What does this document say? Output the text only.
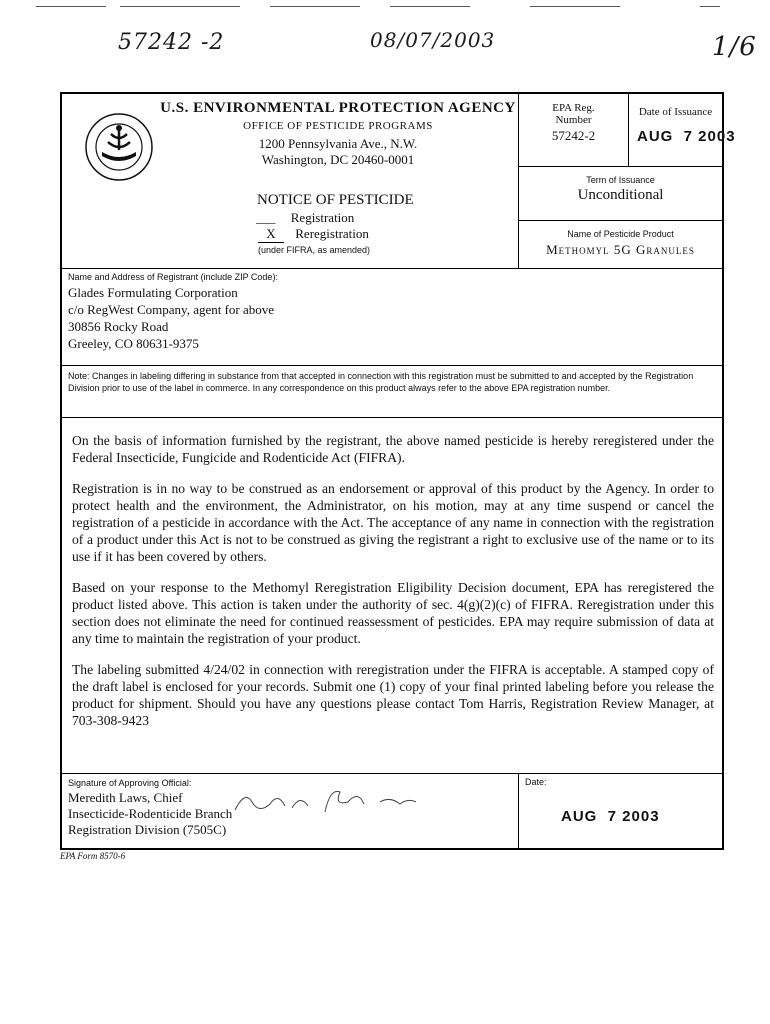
57242 -2	08/07/2003	1/6
U.S. ENVIRONMENTAL PROTECTION AGENCY
OFFICE OF PESTICIDE PROGRAMS
1200 Pennsylvania Ave., N.W.
Washington, DC 20460-0001
NOTICE OF PESTICIDE
___ Registration
X Reregistration
(under FIFRA, as amended)
EPA Reg.
Number
57242-2
Date of Issuance
AUG  7 2003
Term of Issuance
Unconditional
Name of Pesticide Product
Methomyl 5G Granules
Name and Address of Registrant (include ZIP Code):
Glades Formulating Corporation
c/o RegWest Company, agent for above
30856 Rocky Road
Greeley, CO 80631-9375
Note: Changes in labeling differing in substance from that accepted in connection with this registration must be submitted to and accepted by the Registration Division prior to use of the label in commerce. In any correspondence on this product always refer to the above EPA registration number.

On the basis of information furnished by the registrant, the above named pesticide is hereby reregistered under the Federal Insecticide, Fungicide and Rodenticide Act (FIFRA).

Registration is in no way to be construed as an endorsement or approval of this product by the Agency. In order to protect health and the environment, the Administrator, on his motion, may at any time suspend or cancel the registration of a pesticide in accordance with the Act. The acceptance of any name in connection with the registration of a product under this Act is not to be construed as giving the registrant a right to exclusive use of the name or to its use if it has been covered by others.

Based on your response to the Methomyl Reregistration Eligibility Decision document, EPA has reregistered the product listed above. This action is taken under the authority of sec. 4(g)(2)(c) of FIFRA. Reregistration under this section does not eliminate the need for continued reassessment of pesticides. EPA may require submission of data at any time to maintain the registration of your product.

The labeling submitted 4/24/02 in connection with reregistration under the FIFRA is acceptable. A stamped copy of the draft label is enclosed for your records. Submit one (1) copy of your final printed labeling before you release the product for shipment. Should you have any questions please contact Tom Harris, Registration Review Manager, at 703-308-9423

Signature of Approving Official:
Meredith Laws, Chief
Insecticide-Rodenticide Branch
Registration Division (7505C)
Date:
AUG  7 2003
EPA Form 8570-6
